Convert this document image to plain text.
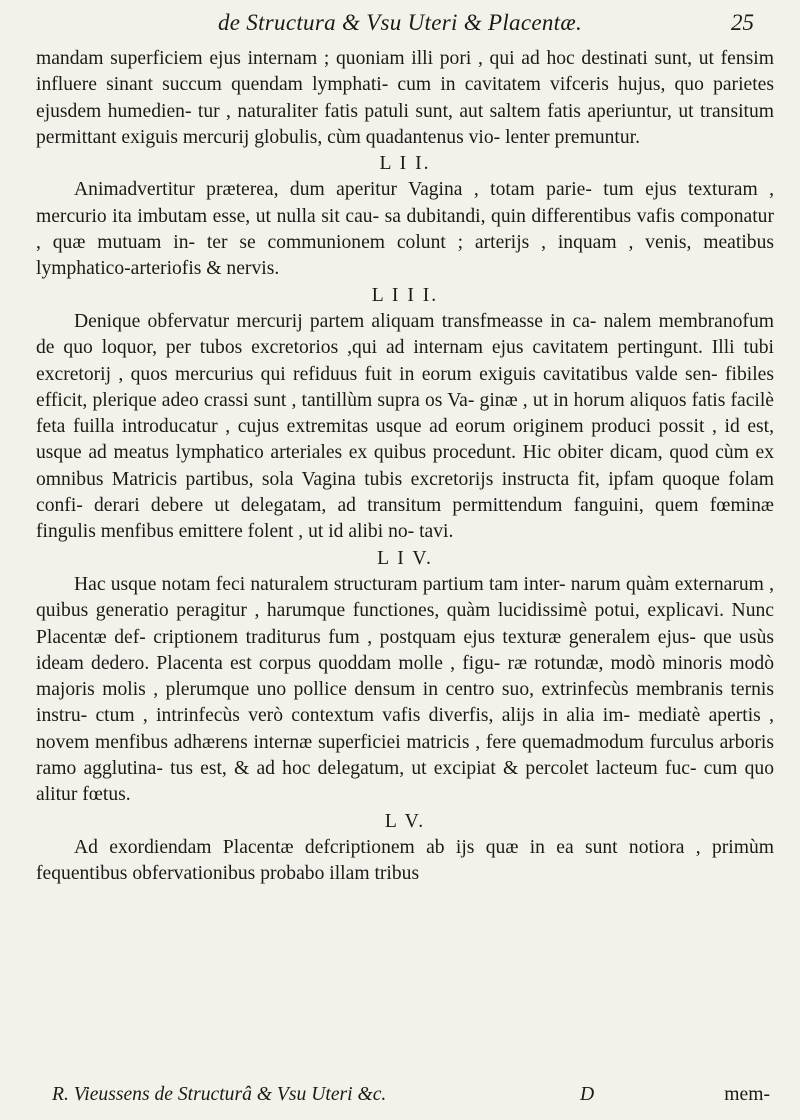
de Structura & Vsu Uteri & Placentæ.	25

mandam superficiem ejus internam ; quoniam illi pori , qui ad hoc destinati sunt, ut fensim influere sinant succum quendam lymphati- cum in cavitatem vifceris hujus, quo parietes ejusdem humedien- tur , naturaliter fatis patuli sunt, aut saltem fatis aperiuntur, ut transitum permittant exiguis mercurij globulis, cùm quadantenus vio- lenter premuntur.

L I I.

Animadvertitur præterea, dum aperitur Vagina , totam parie- tum ejus texturam , mercurio ita imbutam esse, ut nulla sit cau- sa dubitandi, quin differentibus vafis componatur , quæ mutuam in- ter se communionem colunt ; arterijs , inquam , venis, meatibus lymphatico-arteriofis & nervis.

L I I I.

Denique obfervatur mercurij partem aliquam transfmeasse in ca- nalem membranofum de quo loquor, per tubos excretorios ,qui ad internam ejus cavitatem pertingunt. Illi tubi excretorij , quos mercurius qui refiduus fuit in eorum exiguis cavitatibus valde sen- fibiles efficit, plerique adeo crassi sunt , tantillùm supra os Va- ginæ , ut in horum aliquos fatis facilè feta fuilla introducatur , cujus extremitas usque ad eorum originem produci possit , id est, usque ad meatus lymphatico arteriales ex quibus procedunt. Hic obiter dicam, quod cùm ex omnibus Matricis partibus, sola Vagina tubis excretorijs instructa fit, ipfam quoque folam confi- derari debere ut delegatam, ad transitum permittendum fanguini, quem fœminæ fingulis menfibus emittere folent , ut id alibi no- tavi.

L I V.

Hac usque notam feci naturalem structuram partium tam inter- narum quàm externarum , quibus generatio peragitur , harumque functiones, quàm lucidissimè potui, explicavi. Nunc Placentæ def- criptionem traditurus fum , postquam ejus texturæ generalem ejus- que usùs ideam dedero. Placenta est corpus quoddam molle , figu- ræ rotundæ, modò minoris modò majoris molis , plerumque uno pollice densum in centro suo, extrinfecùs membranis ternis instru- ctum , intrinfecùs verò contextum vafis diverfis, alijs in alia im- mediatè apertis , novem menfibus adhærens internæ superficiei matricis , fere quemadmodum furculus arboris ramo agglutina- tus est, & ad hoc delegatum, ut excipiat & percolet lacteum fuc- cum quo alitur fœtus.

L V.

Ad exordiendam Placentæ defcriptionem ab ijs quæ in ea sunt notiora , primùm fequentibus obfervationibus probabo illam tribus

R. Vieussens de Structurâ & Vsu Uteri &c.	D	mem-
